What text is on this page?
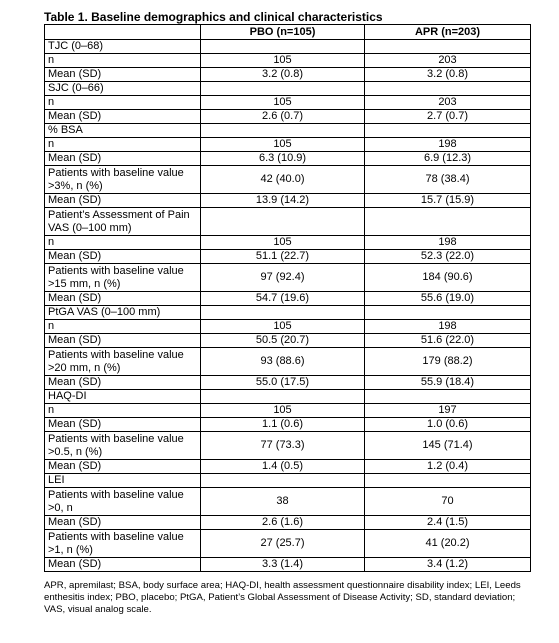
Table 1. Baseline demographics and clinical characteristics
	PBO (n=105)	APR (n=203)
TJC (0–68)		
n	105	203
Mean (SD)	3.2 (0.8)	3.2 (0.8)
SJC (0–66)		
n	105	203
Mean (SD)	2.6 (0.7)	2.7 (0.7)
% BSA		
n	105	198
Mean (SD)	6.3 (10.9)	6.9 (12.3)
Patients with baseline value >3%, n (%)	42 (40.0)	78 (38.4)
Mean (SD)	13.9 (14.2)	15.7 (15.9)
Patient’s Assessment of Pain VAS (0–100 mm)		
n	105	198
Mean (SD)	51.1 (22.7)	52.3 (22.0)
Patients with baseline value >15 mm, n (%)	97 (92.4)	184 (90.6)
Mean (SD)	54.7 (19.6)	55.6 (19.0)
PtGA VAS (0–100 mm)		
n	105	198
Mean (SD)	50.5 (20.7)	51.6 (22.0)
Patients with baseline value >20 mm, n (%)	93 (88.6)	179 (88.2)
Mean (SD)	55.0 (17.5)	55.9 (18.4)
HAQ-DI		
n	105	197
Mean (SD)	1.1 (0.6)	1.0 (0.6)
Patients with baseline value >0.5, n (%)	77 (73.3)	145 (71.4)
Mean (SD)	1.4 (0.5)	1.2 (0.4)
LEI		
Patients with baseline value >0, n	38	70
Mean (SD)	2.6 (1.6)	2.4 (1.5)
Patients with baseline value >1, n (%)	27 (25.7)	41 (20.2)
Mean (SD)	3.3 (1.4)	3.4 (1.2)
APR, apremilast; BSA, body surface area; HAQ-DI, health assessment questionnaire disability index; LEI, Leeds enthesitis index; PBO, placebo; PtGA, Patient’s Global Assessment of Disease Activity; SD, standard deviation; VAS, visual analog scale.
